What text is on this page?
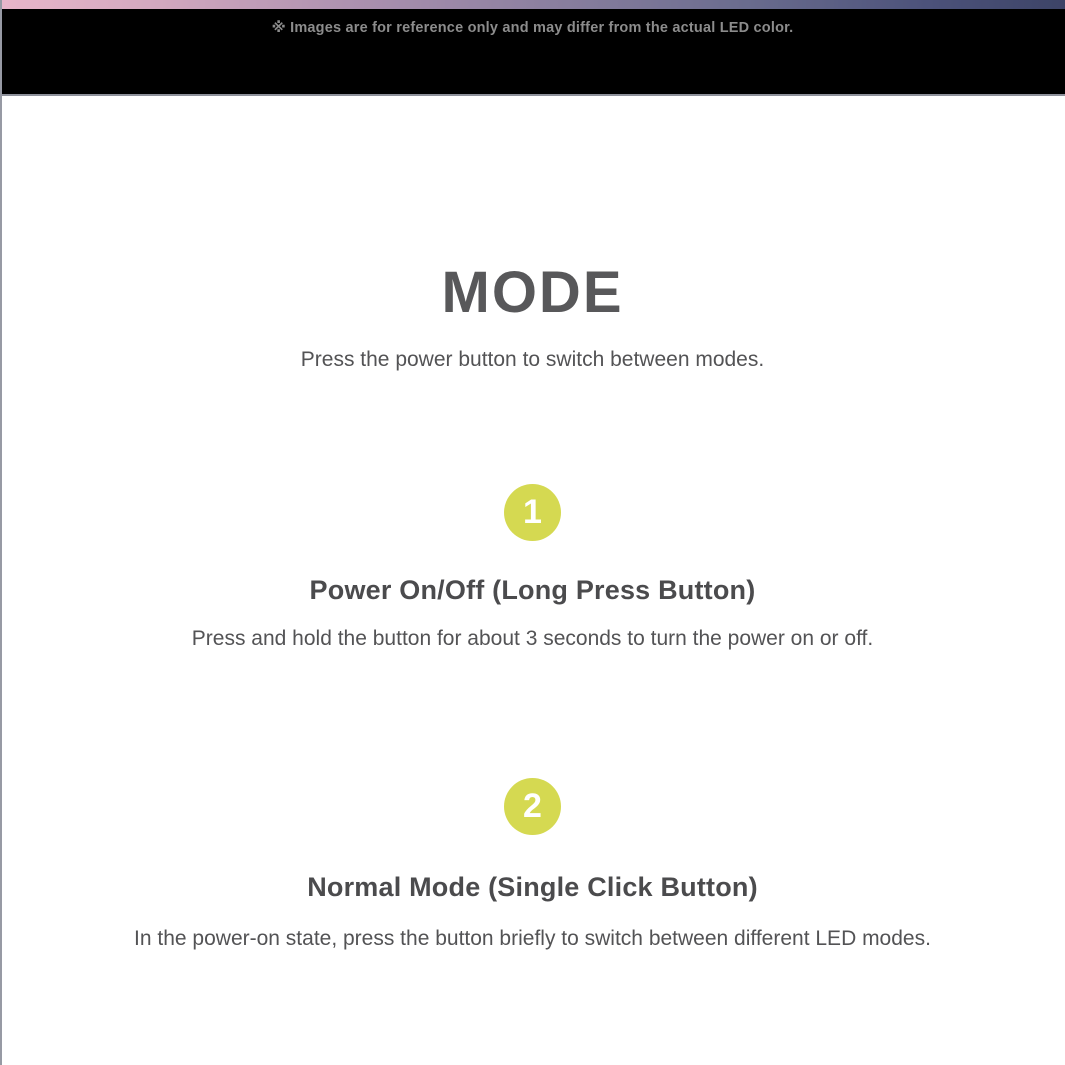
※ Images are for reference only and may differ from the actual LED color.
MODE
Press the power button to switch between modes.
1
Power On/Off (Long Press Button)
Press and hold the button for about 3 seconds to turn the power on or off.
2
Normal Mode (Single Click Button)
In the power-on state, press the button briefly to switch between different LED modes.
